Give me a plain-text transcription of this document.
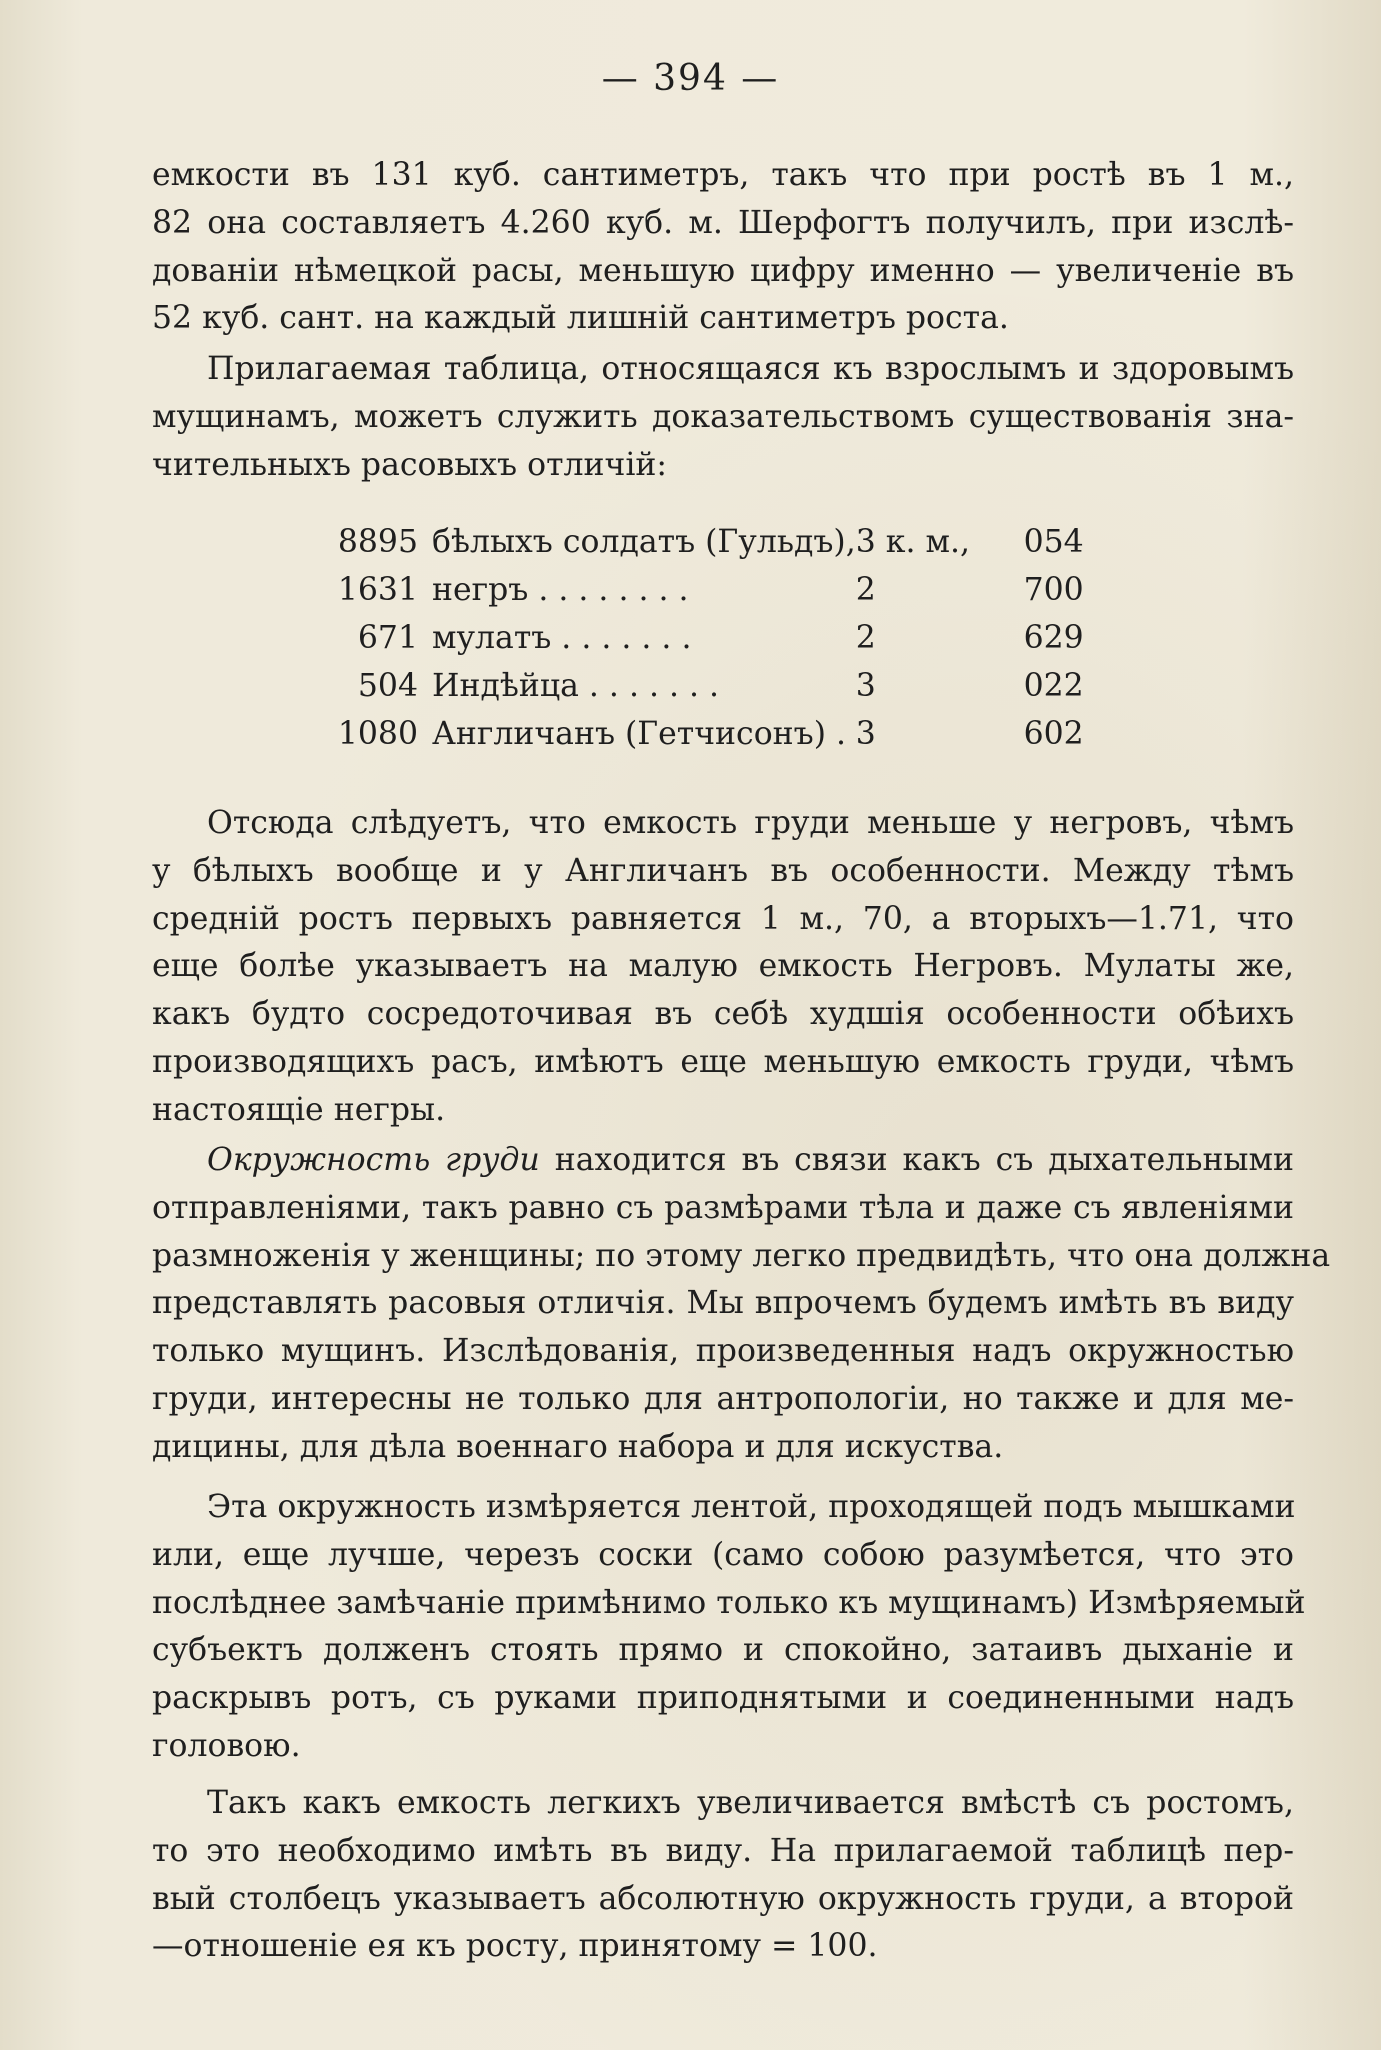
— 394 —
емкости въ 131 куб. сантиметръ, такъ что при ростѣ въ 1 м.,
82 она составляетъ 4.260 куб. м. Шерфогтъ получилъ, при изслѣ-
дованіи нѣмецкой расы, меньшую цифру именно — увеличеніе въ
52 куб. сант. на каждый лишній сантиметръ роста.
Прилагаемая таблица, относящаяся къ взрослымъ и здоровымъ
мущинамъ, можетъ служить доказательствомъ существованія зна-
чительныхъ расовыхъ отличій:
8895	бѣлыхъ солдатъ (Гульдъ),	3 к. м.,	054
1631	негръ . . . . . . . .	2	700
671	мулатъ . . . . . . .	2	629
504	Индѣйца . . . . . . .	3	022
1080	Англичанъ (Гетчисонъ) .	3	602
Отсюда слѣдуетъ, что емкость груди меньше у негровъ, чѣмъ
у бѣлыхъ вообще и у Англичанъ въ особенности. Между тѣмъ
средній ростъ первыхъ равняется 1 м., 70, а вторыхъ—1.71, что
еще болѣе указываетъ на малую емкость Негровъ. Мулаты же,
какъ будто сосредоточивая въ себѣ худшія особенности обѣихъ
производящихъ расъ, имѣютъ еще меньшую емкость груди, чѣмъ
настоящіе негры.
Окружность груди находится въ связи какъ съ дыхательными
отправленіями, такъ равно съ размѣрами тѣла и даже съ явленіями
размноженія у женщины; по этому легко предвидѣть, что она должна
представлять расовыя отличія. Мы впрочемъ будемъ имѣть въ виду
только мущинъ. Изслѣдованія, произведенныя надъ окружностью
груди, интересны не только для антропологіи, но также и для ме-
дицины, для дѣла военнаго набора и для искуства.
Эта окружность измѣряется лентой, проходящей подъ мышками
или, еще лучше, черезъ соски (само собою разумѣется, что это
послѣднее замѣчаніе примѣнимо только къ мущинамъ) Измѣряемый
субъектъ долженъ стоять прямо и спокойно, затаивъ дыханіе и
раскрывъ ротъ, съ руками приподнятыми и соединенными надъ
головою.
Такъ какъ емкость легкихъ увеличивается вмѣстѣ съ ростомъ,
то это необходимо имѣть въ виду. На прилагаемой таблицѣ пер-
вый столбецъ указываетъ абсолютную окружность груди, а второй
—отношеніе ея къ росту, принятому = 100.
